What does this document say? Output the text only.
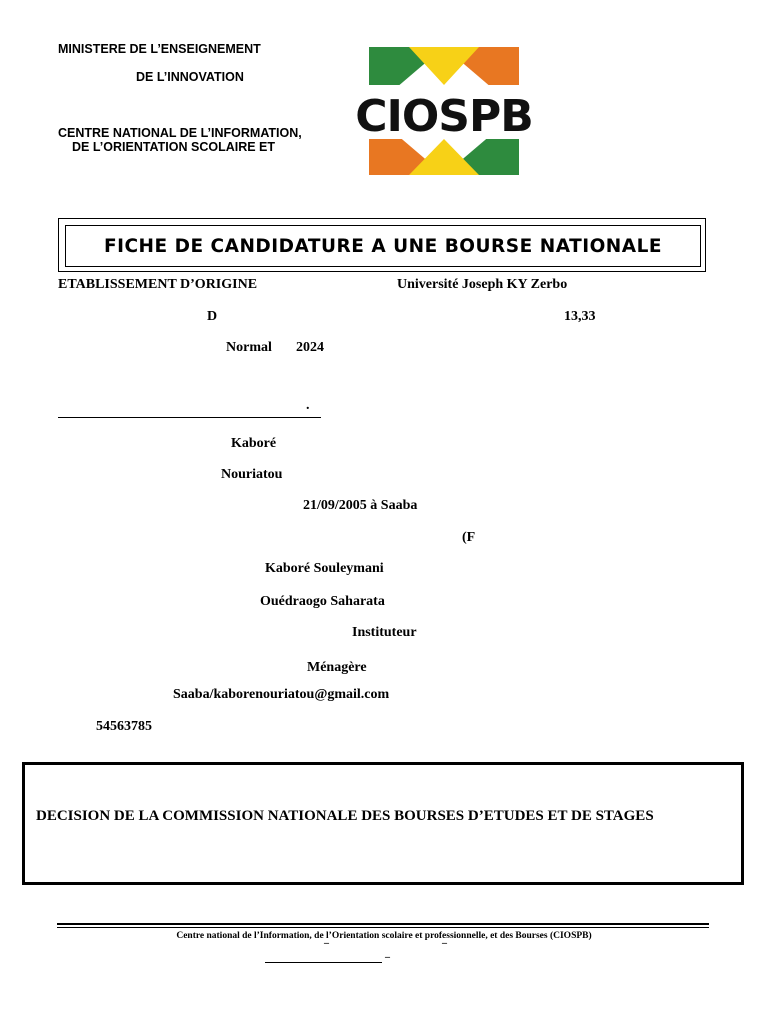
MINISTERE DE L’ENSEIGNEMENT
DE L’INNOVATION
CENTRE NATIONAL DE L’INFORMATION,
DE L’ORIENTATION SCOLAIRE ET
CIOSPB
FICHE DE CANDIDATURE A UNE BOURSE NATIONALE
ETABLISSEMENT D’ORIGINE	Université Joseph KY Zerbo
D	13,33
Normal 2024
.
Kaboré
Nouriatou
21/09/2005 à Saaba
(F
Kaboré Souleymani
Ouédraogo Saharata
Instituteur
Ménagère
Saaba/kaborenouriatou@gmail.com
54563785
DECISION DE LA COMMISSION NATIONALE DES BOURSES D’ETUDES ET DE STAGES
Centre national de l’Information, de l’Orientation scolaire et professionnelle, et des Bourses (CIOSPB)
–	–
–
